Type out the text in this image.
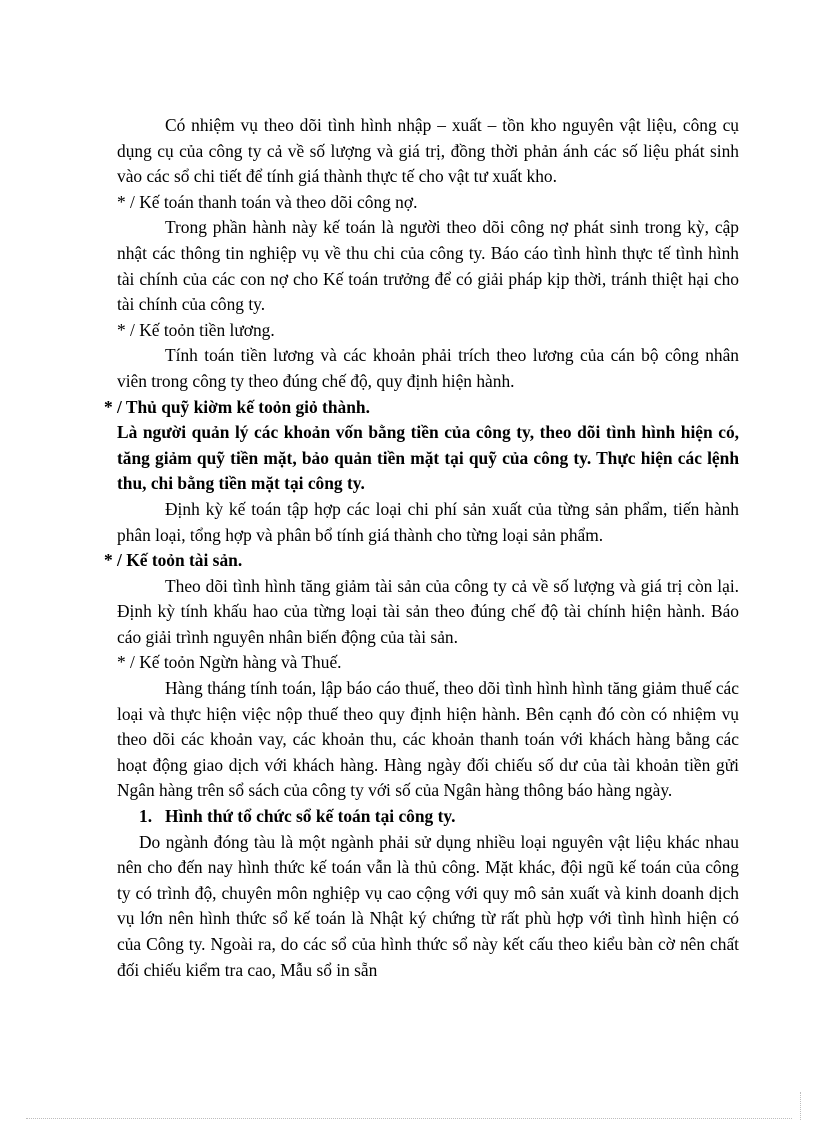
Có nhiệm vụ theo dõi tình hình nhập – xuất – tồn kho nguyên vật liệu, công cụ dụng cụ của công ty cả về số lượng và giá trị, đồng thời phản ánh các số liệu phát sinh vào các sổ chi tiết để tính giá thành thực tế cho vật tư xuất kho.

* / Kế toán thanh toán và theo dõi công nợ.

Trong phần hành này kế toán là người theo dõi công nợ phát sinh trong kỳ, cập nhật các thông tin nghiệp vụ về thu chi của công ty. Báo cáo tình hình thực tế tình hình tài chính của các con nợ cho Kế toán trưởng để có giải pháp kịp thời, tránh thiệt hại cho tài chính của công ty.

* / Kế toỏn tiền lương.

Tính toán tiền lương và các khoản phải trích theo lương của cán bộ công nhân viên trong công ty theo đúng chế độ, quy định hiện hành.

* / Thủ quỹ kiờm kế toỏn giỏ thành.

Là người quản lý các khoản vốn bằng tiền của công ty, theo dõi tình hình hiện có, tăng giảm quỹ tiền mặt, bảo quản tiền mặt tại quỹ của công ty. Thực hiện các lệnh thu, chi bằng tiền mặt tại công ty.

Định kỳ kế toán tập hợp các loại chi phí sản xuất của từng sản phẩm, tiến hành phân loại, tổng hợp và phân bổ tính giá thành cho từng loại sản phẩm.

* / Kế toỏn tài sản.

Theo dõi tình hình tăng giảm tài sản của công ty cả về số lượng và giá trị còn lại. Định kỳ tính khấu hao của từng loại tài sản theo đúng chế độ tài chính hiện hành. Báo cáo giải trình nguyên nhân biến động của tài sản.

* / Kế toỏn Ngừn hàng và Thuế.

Hàng tháng tính toán, lập báo cáo thuế, theo dõi tình hình hình tăng giảm thuế các loại và thực hiện việc nộp thuế theo quy định hiện hành. Bên cạnh đó còn có nhiệm vụ theo dõi các khoản vay, các khoản thu, các khoản thanh toán với khách hàng bằng các hoạt động giao dịch với khách hàng. Hàng ngày đối chiếu số dư của tài khoản tiền gửi Ngân hàng trên sổ sách của công ty với số của Ngân hàng thông báo hàng ngày.

1. Hình thứ tổ chức sổ kế toán tại công ty.

Do ngành đóng tàu là một ngành phải sử dụng nhiều loại nguyên vật liệu khác nhau nên cho đến nay hình thức kế toán vẫn là thủ công. Mặt khác, đội ngũ kế toán của công ty có trình độ, chuyên môn nghiệp vụ cao cộng với quy mô sản xuất và kinh doanh dịch vụ lớn nên hình thức sổ kế toán là Nhật ký chứng từ rất phù hợp với tình hình hiện có của Công ty. Ngoài ra, do các sổ của hình thức sổ này kết cấu theo kiểu bàn cờ nên chất đối chiếu kiểm tra cao, Mẫu sổ in sẵn
